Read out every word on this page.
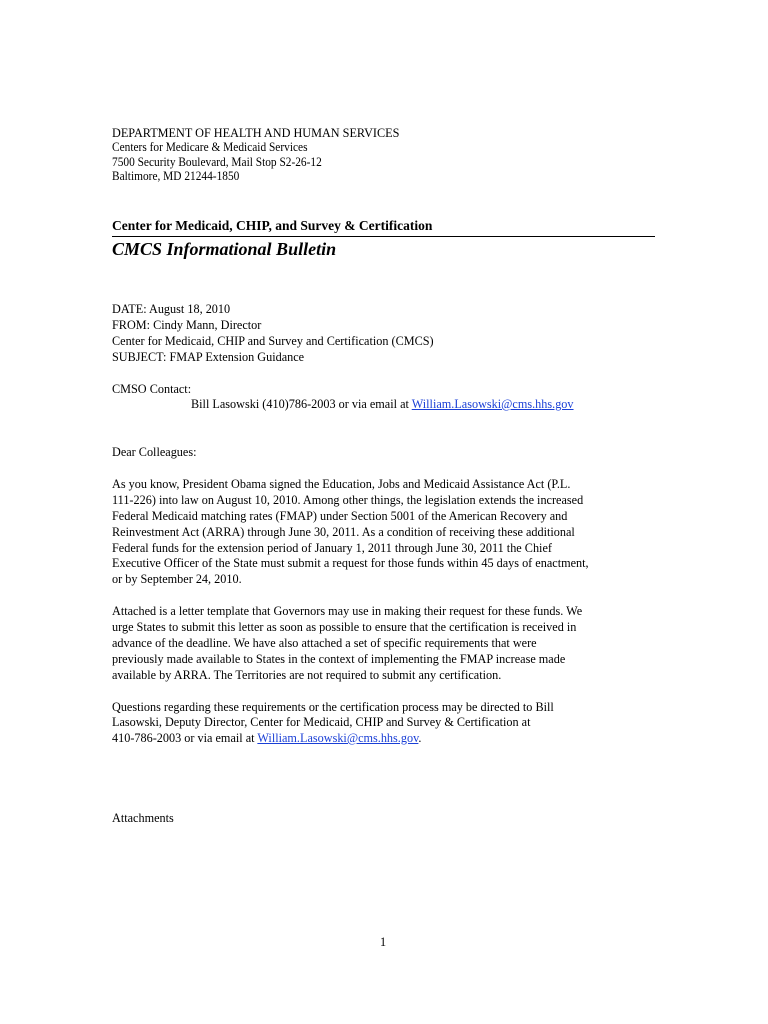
DEPARTMENT OF HEALTH AND HUMAN SERVICES
Centers for Medicare & Medicaid Services
7500 Security Boulevard, Mail Stop S2-26-12
Baltimore, MD 21244-1850
Center for Medicaid, CHIP, and Survey & Certification
CMCS Informational Bulletin
DATE: August 18, 2010
FROM: Cindy Mann, Director
Center for Medicaid, CHIP and Survey and Certification (CMCS)
SUBJECT: FMAP Extension Guidance
CMSO Contact:
Bill Lasowski (410)786-2003 or via email at William.Lasowski@cms.hhs.gov
Dear Colleagues:
As you know, President Obama signed the Education, Jobs and Medicaid Assistance Act (P.L.
111-226) into law on August 10, 2010. Among other things, the legislation extends the increased
Federal Medicaid matching rates (FMAP) under Section 5001 of the American Recovery and
Reinvestment Act (ARRA) through June 30, 2011. As a condition of receiving these additional
Federal funds for the extension period of January 1, 2011 through June 30, 2011 the Chief
Executive Officer of the State must submit a request for those funds within 45 days of enactment,
or by September 24, 2010.
Attached is a letter template that Governors may use in making their request for these funds. We
urge States to submit this letter as soon as possible to ensure that the certification is received in
advance of the deadline. We have also attached a set of specific requirements that were
previously made available to States in the context of implementing the FMAP increase made
available by ARRA. The Territories are not required to submit any certification.
Questions regarding these requirements or the certification process may be directed to Bill
Lasowski, Deputy Director, Center for Medicaid, CHIP and Survey & Certification at
410-786-2003 or via email at William.Lasowski@cms.hhs.gov.
Attachments
1
